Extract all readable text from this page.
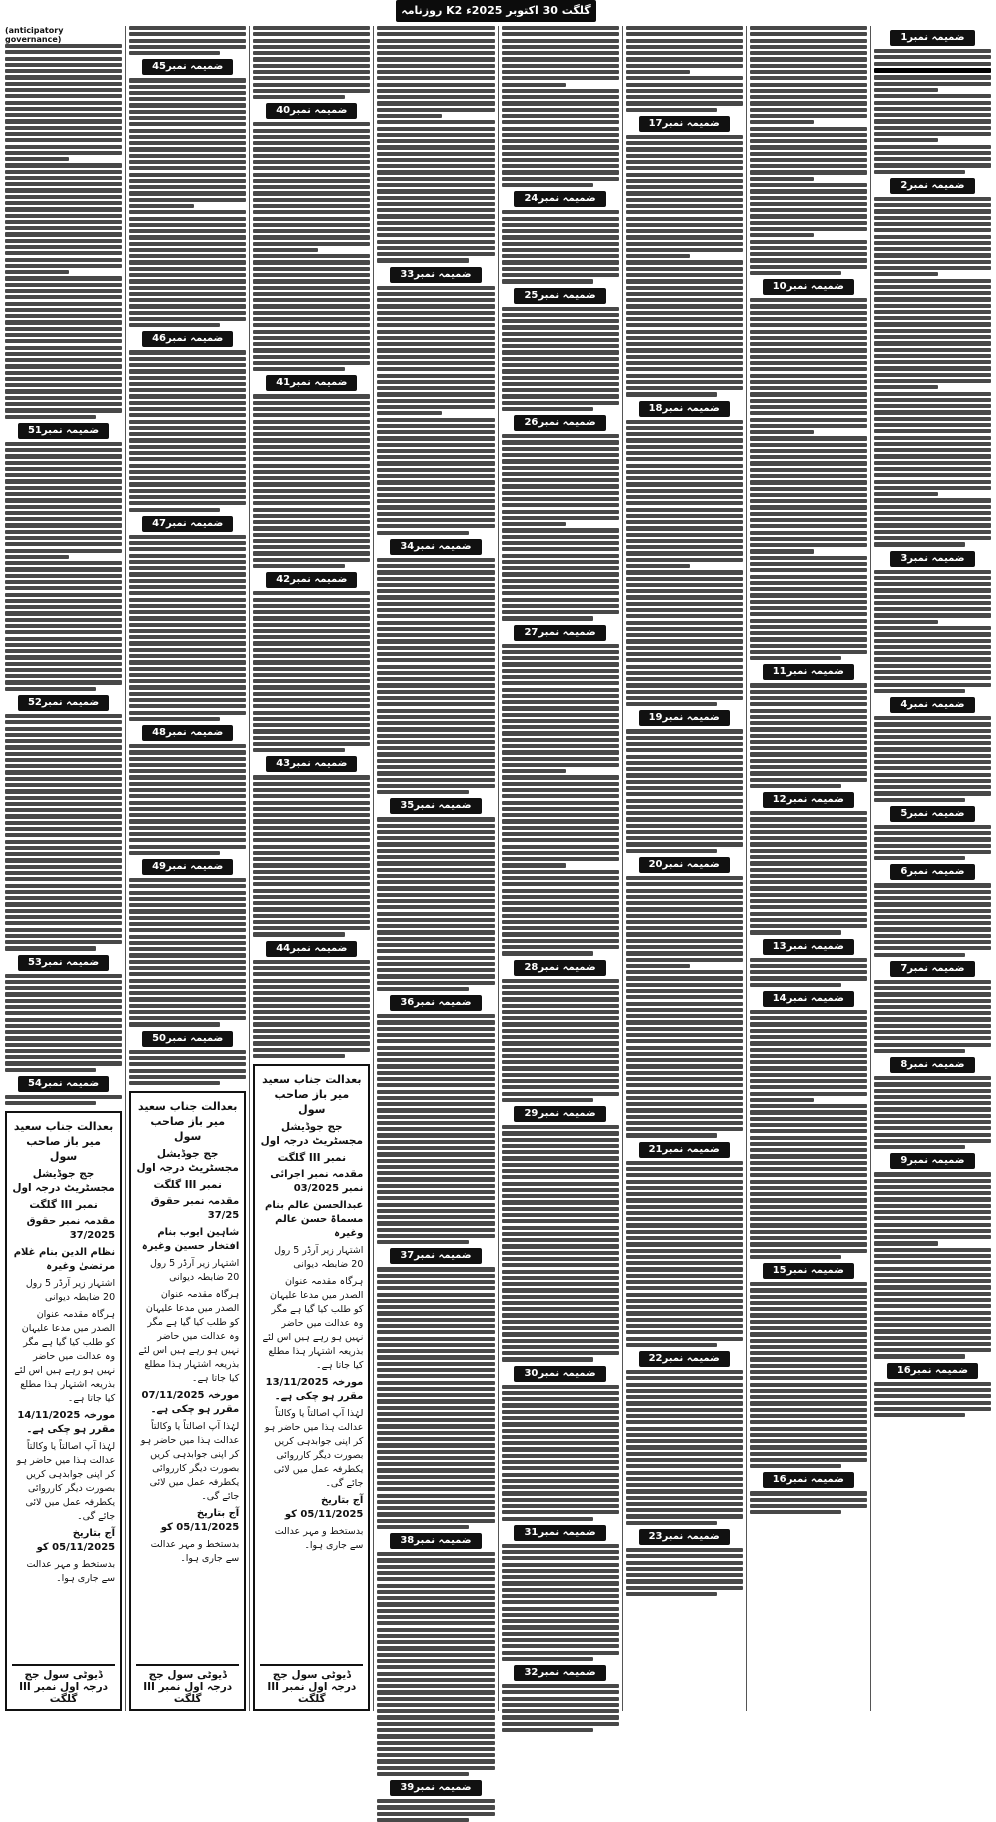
روزنامہ K2 گلگت 30 اکتوبر 2025ء
ضمیمہ نمبر1
ضمیمہ نمبر2
ضمیمہ نمبر3
ضمیمہ نمبر4
ضمیمہ نمبر5
ضمیمہ نمبر6
ضمیمہ نمبر7
ضمیمہ نمبر8
ضمیمہ نمبر9
ضمیمہ نمبر16
ضمیمہ نمبر10
ضمیمہ نمبر11
ضمیمہ نمبر12
ضمیمہ نمبر13
ضمیمہ نمبر14
ضمیمہ نمبر15
ضمیمہ نمبر16
ضمیمہ نمبر17
ضمیمہ نمبر18
ضمیمہ نمبر19
ضمیمہ نمبر20
ضمیمہ نمبر21
ضمیمہ نمبر22
ضمیمہ نمبر23
ضمیمہ نمبر24
ضمیمہ نمبر25
ضمیمہ نمبر26
ضمیمہ نمبر27
ضمیمہ نمبر28
ضمیمہ نمبر29
ضمیمہ نمبر30
ضمیمہ نمبر31
ضمیمہ نمبر32
ضمیمہ نمبر33
ضمیمہ نمبر34
ضمیمہ نمبر35
ضمیمہ نمبر36
ضمیمہ نمبر37
ضمیمہ نمبر38
ضمیمہ نمبر39
ضمیمہ نمبر40
ضمیمہ نمبر41
ضمیمہ نمبر42
ضمیمہ نمبر43
ضمیمہ نمبر44
بعدالت جناب سعید میر باز صاحب سول
جج جوڈیشل مجسٹریٹ درجہ اول
نمبر III گلگت
مقدمہ نمبر اجرائی نمبر 03/2025
عبدالحسن عالم بنام مسماۃ حسن عالم وغیرہ
اشتہار زیر آرڈر 5 رول 20 ضابطہ دیوانی
ہرگاہ مقدمہ عنوان الصدر میں مدعا علیہان کو طلب کیا گیا ہے مگر وہ عدالت میں حاضر نہیں ہو رہے ہیں اس لئے بذریعہ اشتہار ہذا مطلع کیا جاتا ہے۔
مورخہ 13/11/2025 مقرر ہو چکی ہے۔
لہٰذا آپ اصالتاً یا وکالتاً عدالت ہذا میں حاضر ہو کر اپنی جوابدہی کریں بصورت دیگر کارروائی یکطرفہ عمل میں لائی جائے گی۔
آج بتاریخ 05/11/2025 کو
بدستخط و مہر عدالت سے جاری ہوا۔
ڈیوٹی سول جج درجہ اول نمبر III گلگت
ضمیمہ نمبر45
ضمیمہ نمبر46
ضمیمہ نمبر47
ضمیمہ نمبر48
ضمیمہ نمبر49
ضمیمہ نمبر50
بعدالت جناب سعید میر باز صاحب سول
جج جوڈیشل مجسٹریٹ درجہ اول
نمبر III گلگت
مقدمہ نمبر حقوق 37/25
شاہین ایوب بنام افتخار حسین وغیرہ
اشتہار زیر آرڈر 5 رول 20 ضابطہ دیوانی
ہرگاہ مقدمہ عنوان الصدر میں مدعا علیہان کو طلب کیا گیا ہے مگر وہ عدالت میں حاضر نہیں ہو رہے ہیں اس لئے بذریعہ اشتہار ہذا مطلع کیا جاتا ہے۔
مورخہ 07/11/2025 مقرر ہو چکی ہے۔
لہٰذا آپ اصالتاً یا وکالتاً عدالت ہذا میں حاضر ہو کر اپنی جوابدہی کریں بصورت دیگر کارروائی یکطرفہ عمل میں لائی جائے گی۔
آج بتاریخ 05/11/2025 کو
بدستخط و مہر عدالت سے جاری ہوا۔
ڈیوٹی سول جج درجہ اول نمبر III گلگت
(anticipatory governance)
ضمیمہ نمبر51
ضمیمہ نمبر52
ضمیمہ نمبر53
ضمیمہ نمبر54
بعدالت جناب سعید میر باز صاحب سول
جج جوڈیشل مجسٹریٹ درجہ اول
نمبر III گلگت
مقدمہ نمبر حقوق 37/2025
نظام الدین بنام غلام مرتضیٰ وغیرہ
اشتہار زیر آرڈر 5 رول 20 ضابطہ دیوانی
ہرگاہ مقدمہ عنوان الصدر میں مدعا علیہان کو طلب کیا گیا ہے مگر وہ عدالت میں حاضر نہیں ہو رہے ہیں اس لئے بذریعہ اشتہار ہذا مطلع کیا جاتا ہے۔
مورخہ 14/11/2025 مقرر ہو چکی ہے۔
لہٰذا آپ اصالتاً یا وکالتاً عدالت ہذا میں حاضر ہو کر اپنی جوابدہی کریں بصورت دیگر کارروائی یکطرفہ عمل میں لائی جائے گی۔
آج بتاریخ 05/11/2025 کو
بدستخط و مہر عدالت سے جاری ہوا۔
ڈیوٹی سول جج درجہ اول نمبر III گلگت
